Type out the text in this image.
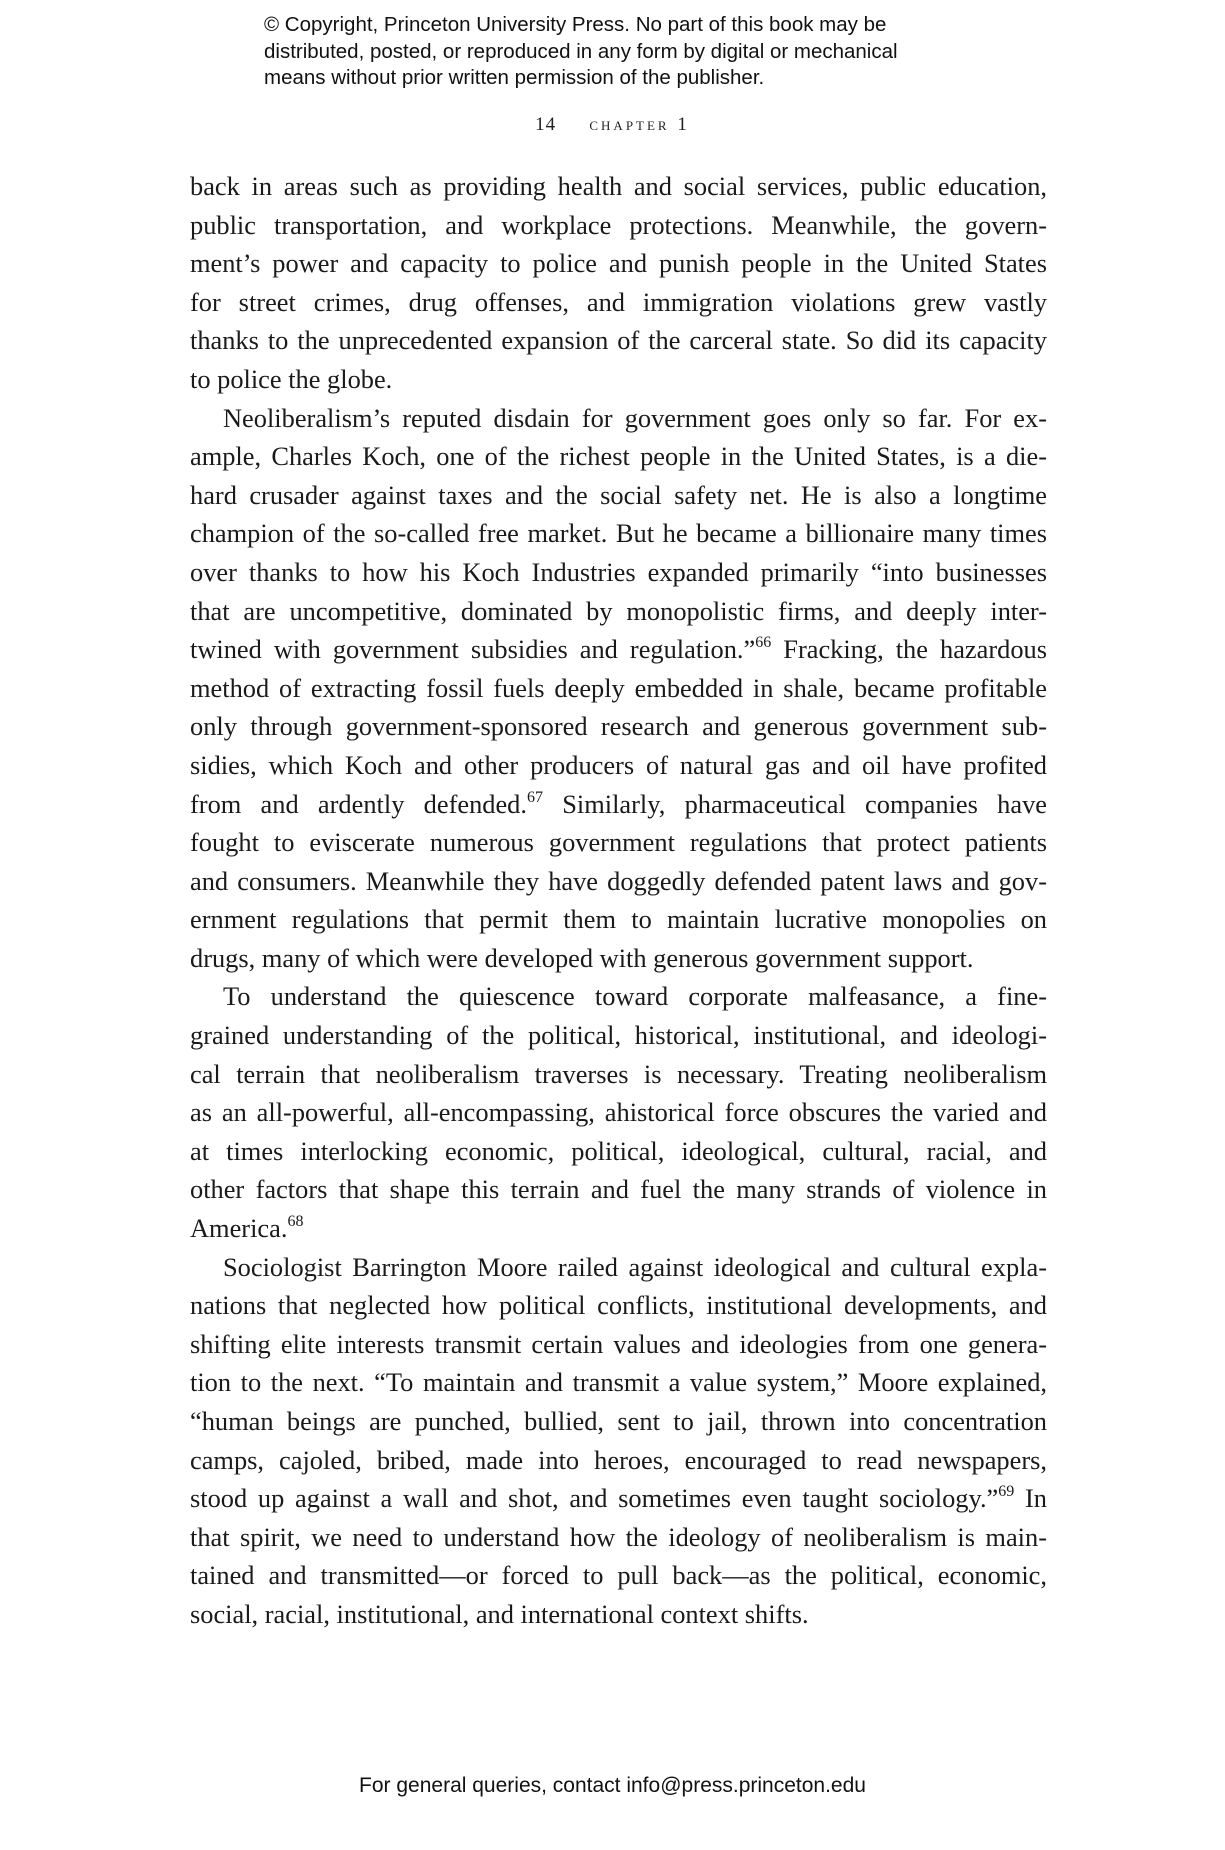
© Copyright, Princeton University Press. No part of this book may be
distributed, posted, or reproduced in any form by digital or mechanical
means without prior written permission of the publisher.
14 chapter 1
back in areas such as providing health and social services, public education,
public transportation, and workplace protections. Meanwhile, the govern-
ment’s power and capacity to police and punish people in the United States
for street crimes, drug offenses, and immigration violations grew vastly
thanks to the unprecedented expansion of the carceral state. So did its capacity
to police the globe.
Neoliberalism’s reputed disdain for government goes only so far. For ex-
ample, Charles Koch, one of the richest people in the United States, is a die-
hard crusader against taxes and the social safety net. He is also a longtime
champion of the so-called free market. But he became a billionaire many times
over thanks to how his Koch Industries expanded primarily “into businesses
that are uncompetitive, dominated by monopolistic firms, and deeply inter-
twined with government subsidies and regulation.”$^{66}$ Fracking, the hazardous
method of extracting fossil fuels deeply embedded in shale, became profitable
only through government-sponsored research and generous government sub-
sidies, which Koch and other producers of natural gas and oil have profited
from and ardently defended.$^{67}$ Similarly, pharmaceutical companies have
fought to eviscerate numerous government regulations that protect patients
and consumers. Meanwhile they have doggedly defended patent laws and gov-
ernment regulations that permit them to maintain lucrative monopolies on
drugs, many of which were developed with generous government support.
To understand the quiescence toward corporate malfeasance, a fine-
grained understanding of the political, historical, institutional, and ideologi-
cal terrain that neoliberalism traverses is necessary. Treating neoliberalism
as an all-powerful, all-encompassing, ahistorical force obscures the varied and
at times interlocking economic, political, ideological, cultural, racial, and
other factors that shape this terrain and fuel the many strands of violence in
America.$^{68}$
Sociologist Barrington Moore railed against ideological and cultural expla-
nations that neglected how political conflicts, institutional developments, and
shifting elite interests transmit certain values and ideologies from one genera-
tion to the next. “To maintain and transmit a value system,” Moore explained,
“human beings are punched, bullied, sent to jail, thrown into concentration
camps, cajoled, bribed, made into heroes, encouraged to read newspapers,
stood up against a wall and shot, and sometimes even taught sociology.”$^{69}$ In
that spirit, we need to understand how the ideology of neoliberalism is main-
tained and transmitted—or forced to pull back—as the political, economic,
social, racial, institutional, and international context shifts.
For general queries, contact info@press.princeton.edu
